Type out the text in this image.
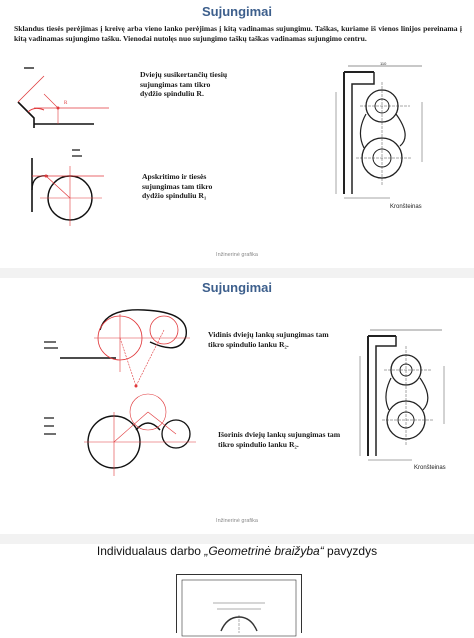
Sujungimai
Sklandus tiesės perėjimas į kreivę arba vieno lanko perėjimas į kitą vadinamas sujungimu. Taškas, kuriame iš vienos linijos pereinama į kitą vadinamas sujungimo tašku. Vienodai nutolęs nuo sujungimo taškų taškas vadinamas sujungimo centru.
R
Dviejų susikertančių tiesių sujungimas tam tikro dydžio spinduliu R.
Apskritimo ir tiesės sujungimas tam tikro dydžio spinduliu R₁
110
Kronšteinas
Inžinerinė grafika
Sujungimai
Vidinis dviejų lankų sujungimas tam tikro spindulio lanku R₂.
Išorinis dviejų lankų sujungimas tam tikro spindulio lanku R₂.
Kronšteinas
Inžinerinė grafika
Individualaus darbo „Geometrinė braižyba“ pavyzdys
